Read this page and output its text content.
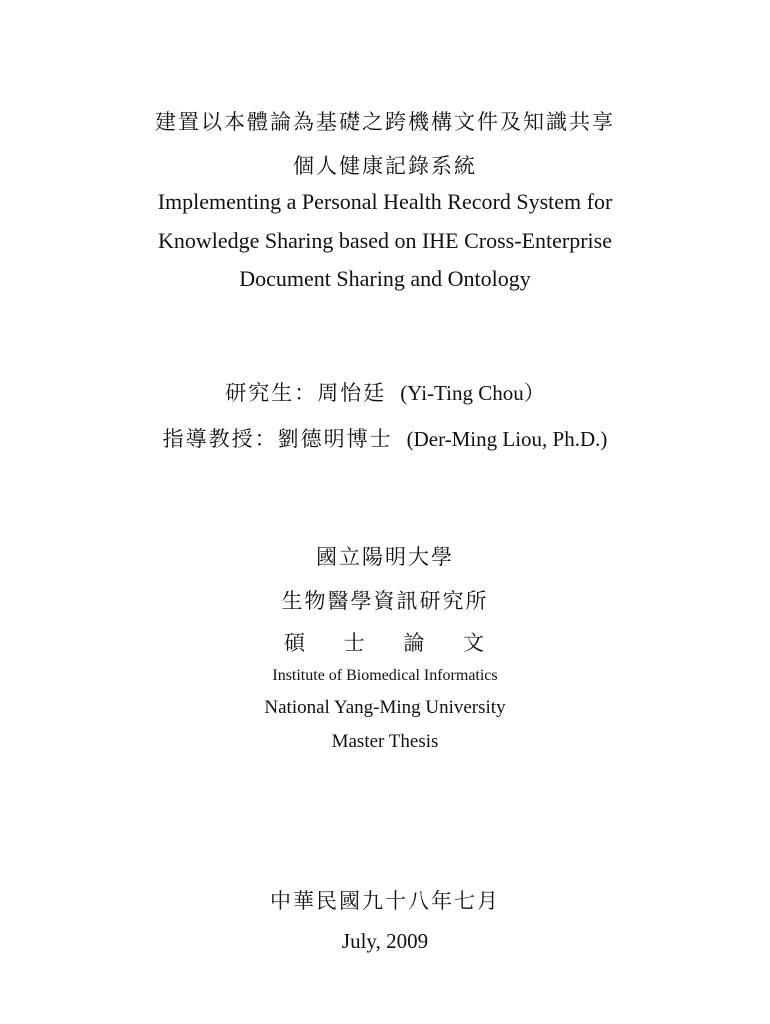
建置以本體論為基礎之跨機構文件及知識共享
個人健康記錄系統
Implementing a Personal Health Record System for
Knowledge Sharing based on IHE Cross-Enterprise
Document Sharing and Ontology
研究生：周怡廷 (Yi-Ting Chou）
指導教授：劉德明博士 (Der-Ming Liou, Ph.D.)
國立陽明大學
生物醫學資訊研究所
碩 士 論 文
Institute of Biomedical Informatics
National Yang-Ming University
Master Thesis
中華民國九十八年七月
July, 2009
